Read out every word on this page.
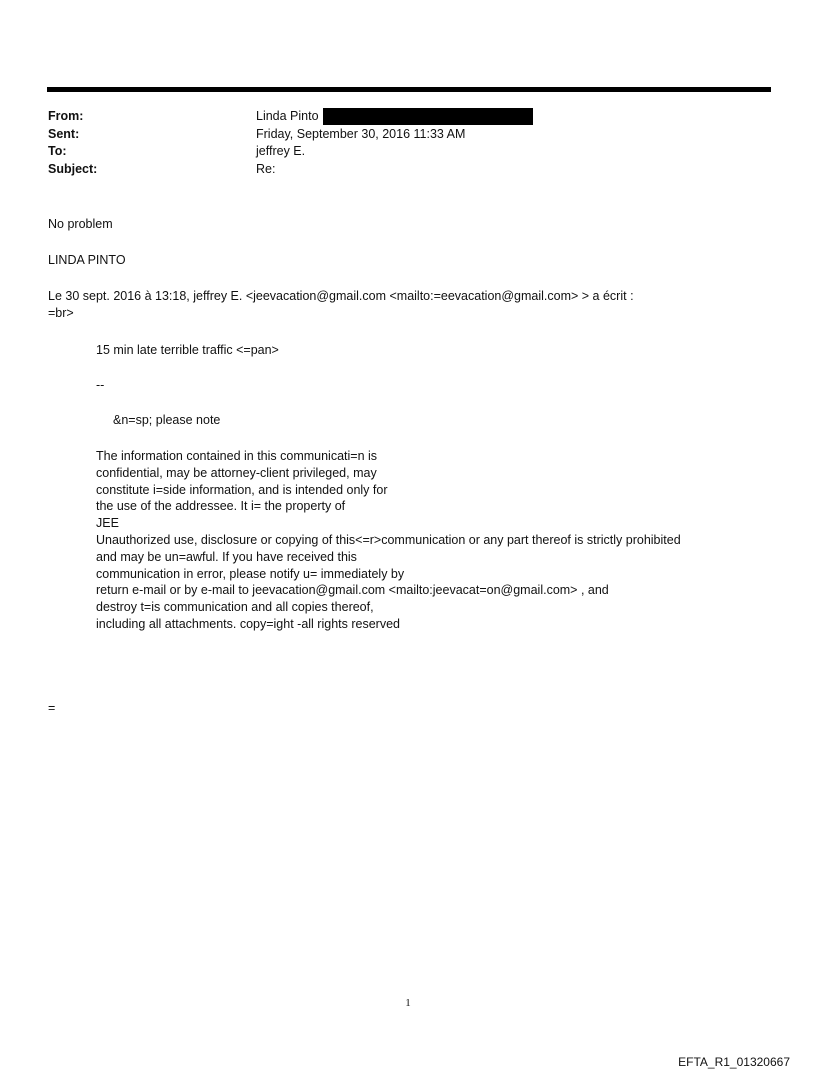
From:	Linda Pinto
Sent:	Friday, September 30, 2016 11:33 AM
To:	jeffrey E.
Subject:	Re:

No problem

LINDA PINTO

Le 30 sept. 2016 à 13:18, jeffrey E. <jeevacation@gmail.com <mailto:=eevacation@gmail.com> > a écrit :

=br>

15 min late terrible traffic <=pan>
--
&n=sp; please note
The information contained in this communicati=n is
confidential, may be attorney-client privileged, may
constitute i=side information, and is intended only for
the use of the addressee. It i= the property of
JEE
Unauthorized use, disclosure or copying of this<=r>communication or any part thereof is strictly prohibited
and may be un=awful. If you have received this
communication in error, please notify u= immediately by
return e-mail or by e-mail to jeevacation@gmail.com <mailto:jeevacat=on@gmail.com> , and
destroy t=is communication and all copies thereof,
including all attachments. copy=ight -all rights reserved
=
1
EFTA_R1_01320667
